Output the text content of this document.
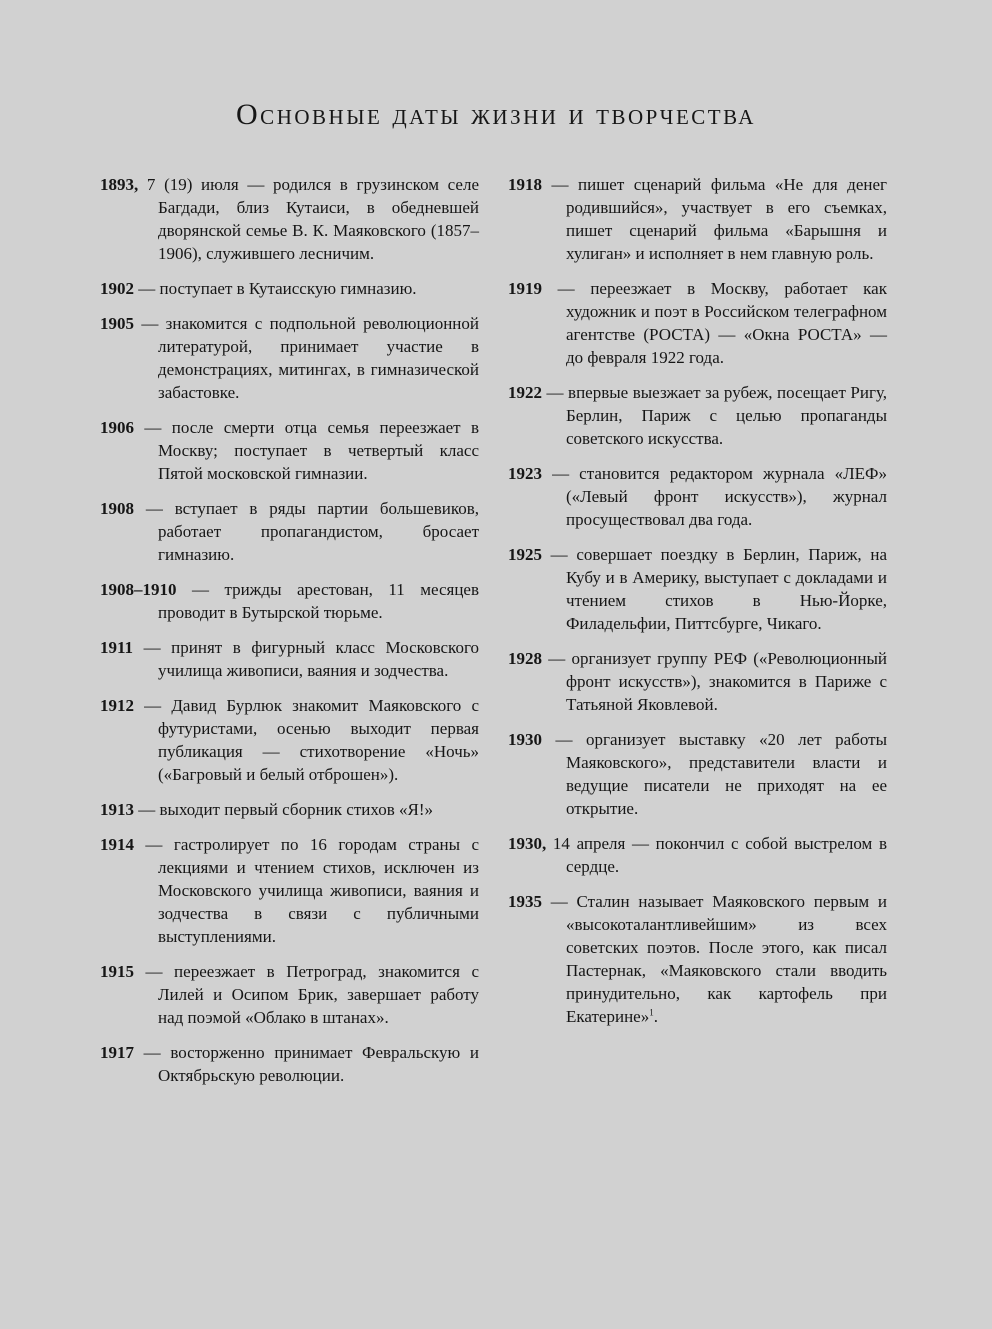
Основные даты жизни и творчества
1893, 7 (19) июля — родился в грузинском селе Багдади, близ Кутаиси, в обедневшей дворянской семье В. К. Маяковского (1857–1906), служившего лесничим.
1902 — поступает в Кутаисскую гимназию.
1905 — знакомится с подпольной революционной литературой, принимает участие в демонстрациях, митингах, в гимназической забастовке.
1906 — после смерти отца семья переезжает в Москву; поступает в четвертый класс Пятой московской гимназии.
1908 — вступает в ряды партии большевиков, работает пропагандистом, бросает гимназию.
1908–1910 — трижды арестован, 11 месяцев проводит в Бутырской тюрьме.
1911 — принят в фигурный класс Московского училища живописи, ваяния и зодчества.
1912 — Давид Бурлюк знакомит Маяковского с футуристами, осенью выходит первая публикация — стихотворение «Ночь» («Багровый и белый отброшен»).
1913 — выходит первый сборник стихов «Я!»
1914 — гастролирует по 16 городам страны с лекциями и чтением стихов, исключен из Московского училища живописи, ваяния и зодчества в связи с публичными выступлениями.
1915 — переезжает в Петроград, знакомится с Лилей и Осипом Брик, завершает работу над поэмой «Облако в штанах».
1917 — восторженно принимает Февральскую и Октябрьскую революции.
1918 — пишет сценарий фильма «Не для денег родившийся», участвует в его съемках, пишет сценарий фильма «Барышня и хулиган» и исполняет в нем главную роль.
1919 — переезжает в Москву, работает как художник и поэт в Российском телеграфном агентстве (РОСТА) — «Окна РОСТА» — до февраля 1922 года.
1922 — впервые выезжает за рубеж, посещает Ригу, Берлин, Париж с целью пропаганды советского искусства.
1923 — становится редактором журнала «ЛЕФ» («Левый фронт искусств»), журнал просуществовал два года.
1925 — совершает поездку в Берлин, Париж, на Кубу и в Америку, выступает с докладами и чтением стихов в Нью-Йорке, Филадельфии, Питтсбурге, Чикаго.
1928 — организует группу РЕФ («Революционный фронт искусств»), знакомится в Париже с Татьяной Яковлевой.
1930 — организует выставку «20 лет работы Маяковского», представители власти и ведущие писатели не приходят на ее открытие.
1930, 14 апреля — покончил с собой выстрелом в сердце.
1935 — Сталин называет Маяковского первым и «высокоталантливейшим» из всех советских поэтов. После этого, как писал Пастернак, «Маяковского стали вводить принудительно, как картофель при Екатерине»$^1$.
